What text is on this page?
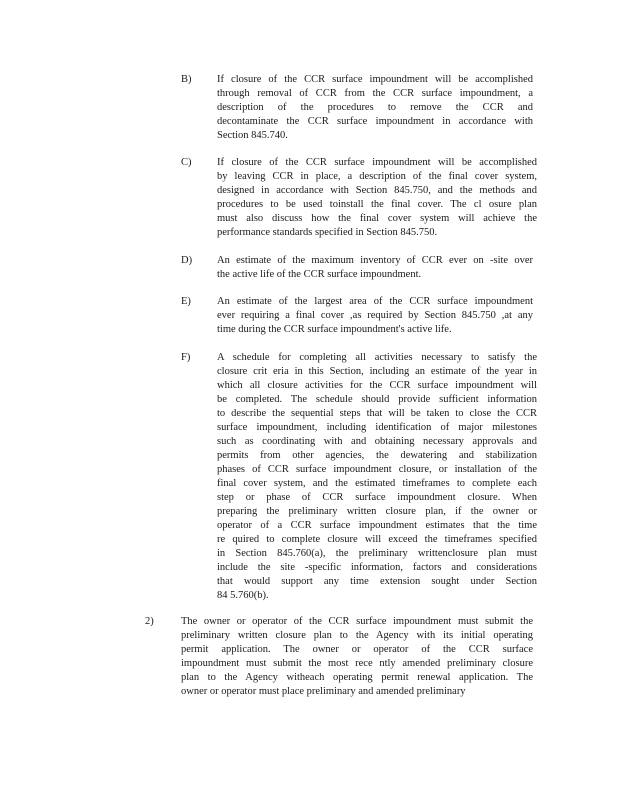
B) If closure of the CCR surface impoundment will be accomplished
through removal of CCR from the CCR surface impoundment, a
description of the procedures to remove the CCR and
decontaminate the CCR surface impoundment in accordance with
Section 845.740.
C) If closure of the CCR surface impoundment will be accomplished
by leaving CCR in place, a description of the final cover system,
designed in accordance with Section 845.750, and the methods and
procedures to be used toinstall the final cover. The cl osure plan
must also discuss how the final cover system will achieve the
performance standards specified in Section 845.750.
D) An estimate of the maximum inventory of CCR ever on -site over
the active life of the CCR surface impoundment.
E) An estimate of the largest area of the CCR surface impoundment
ever requiring a final cover ,as required by Section 845.750 ,at any
time during the CCR surface impoundment's active life.
F)	A schedule for completing all activities necessary to satisfy the
closure crit eria in this Section, including an estimate of the year in
which all closure activities for the CCR surface impoundment will
be completed. The schedule should provide sufficient information
to describe the sequential steps that will be taken to close the CCR
surface impoundment, including identification of major milestones
such as coordinating with and obtaining necessary approvals and
permits from other agencies, the dewatering and stabilization
phases of CCR surface impoundment closure, or installation of the
final cover system, and the estimated timeframes to complete each
step or phase of CCR surface impoundment closure. When
preparing the preliminary written closure plan, if the owner or
operator of a CCR surface impoundment estimates that the time
re quired to complete closure will exceed the timeframes specified
in Section 845.760(a), the preliminary writtenclosure plan must
include the site -specific information, factors and considerations
that would support any time extension sought under Section
84 5.760(b).
2)	The owner or operator of the CCR surface impoundment must submit the
preliminary written closure plan to the Agency with its initial operating
permit application. The owner or operator of the CCR surface
impoundment must submit the most rece ntly amended preliminary closure
plan to the Agency witheach operating permit renewal application. The
owner or operator must place preliminary and amended preliminary
